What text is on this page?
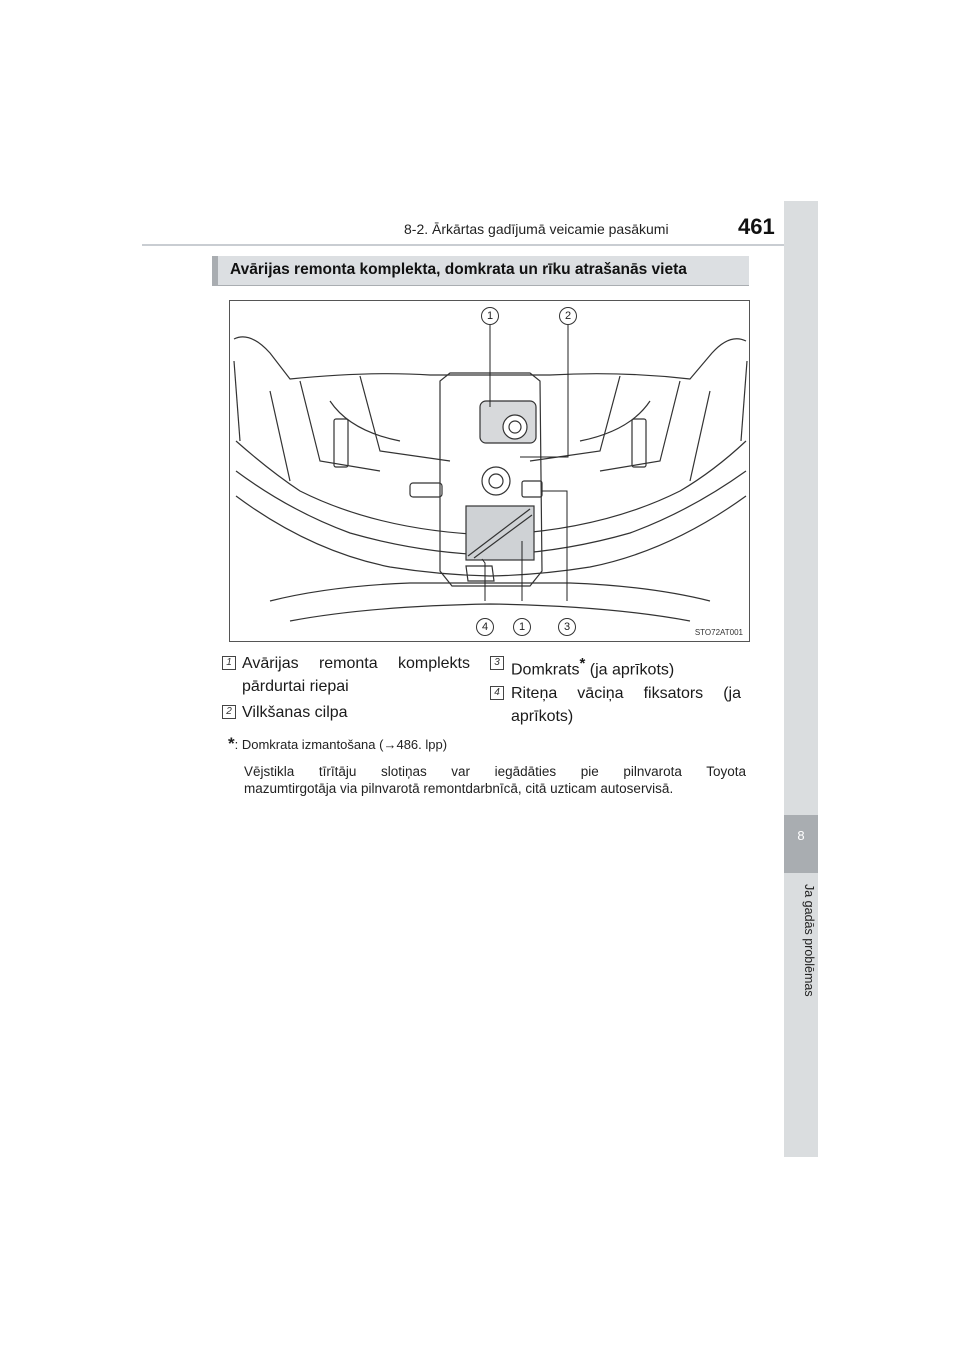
8-2. Ārkārtas gadījumā veicamie pasākumi	461
8
Ja gadās problēmas
Avārijas remonta komplekta, domkrata un rīku atrašanās vieta
1	2
4	1	3	STO72AT001
1 Avārijas remonta komplekts
pārdurtai riepai
2 Vilkšanas cilpa
3 Domkrats* (ja aprīkots)
4 Riteņa vāciņa fiksators (ja
aprīkots)
*: Domkrata izmantošana (→486. lpp)
Vējstikla tīrītāju slotiņas var iegādāties pie pilnvarota Toyota
mazumtirgotāja via pilnvarotā remontdarbnīcā, citā uzticam autoservisā.
